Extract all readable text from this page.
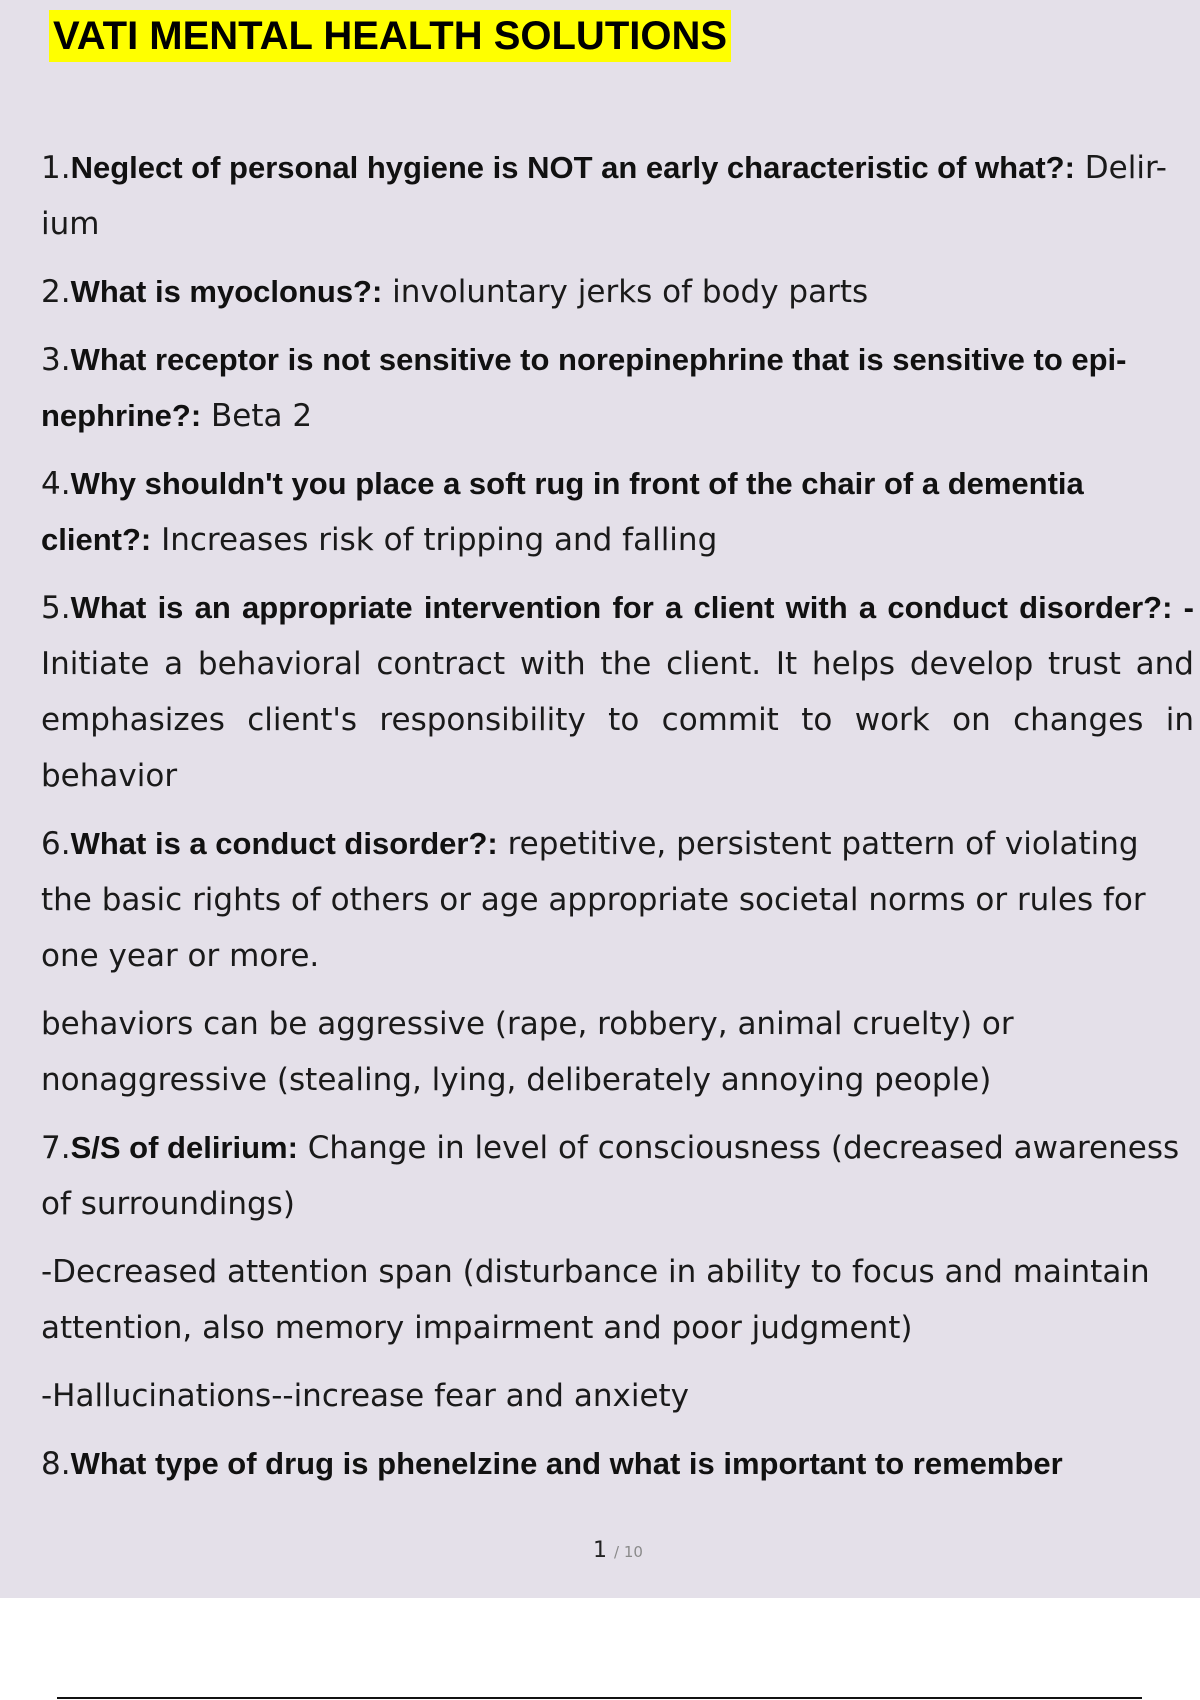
VATI MENTAL HEALTH SOLUTIONS

1.Neglect of personal hygiene is NOT an early characteristic of what?: Delir- ium

2.What is myoclonus?: involuntary jerks of body parts

3.What receptor is not sensitive to norepinephrine that is sensitive to epi- nephrine?: Beta 2

4.Why shouldn't you place a soft rug in front of the chair of a dementia client?: Increases risk of tripping and falling

5.What is an appropriate intervention for a client with a conduct disorder?: - Initiate a behavioral contract with the client. It helps develop trust and emphasizes client's responsibility to commit to work on changes in behavior

6.What is a conduct disorder?: repetitive, persistent pattern of violating the basic rights of others or age appropriate societal norms or rules for one year or more.

behaviors can be aggressive (rape, robbery, animal cruelty) or nonaggressive (stealing, lying, deliberately annoying people)

7.S/S of delirium: Change in level of consciousness (decreased awareness of surroundings)

-Decreased attention span (disturbance in ability to focus and maintain attention, also memory impairment and poor judgment)

-Hallucinations--increase fear and anxiety

8.What type of drug is phenelzine and what is important to remember

1 / 10
